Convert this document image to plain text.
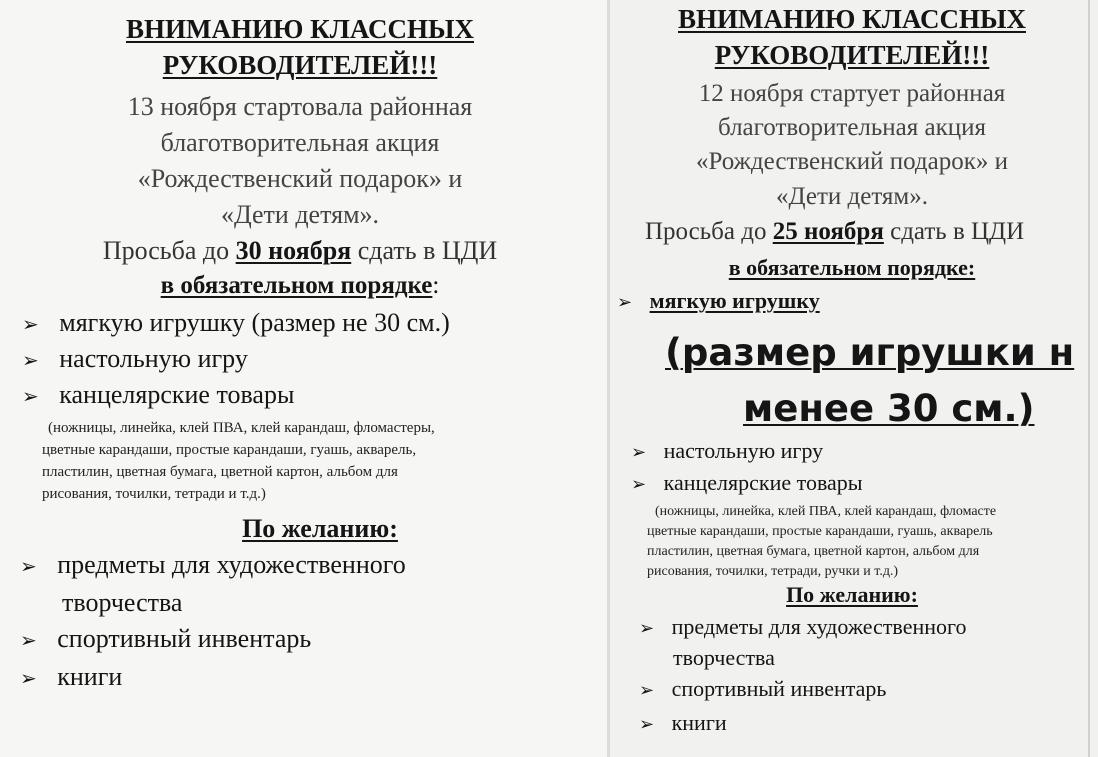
ВНИМАНИЮ КЛАССНЫХ
РУКОВОДИТЕЛЕЙ!!!
13 ноября стартовала районная
благотворительная акция
«Рождественский подарок» и
«Дети детям».
Просьба до 30 ноября сдать в ЦДИ
в обязательном порядке:
➢ мягкую игрушку (размер не 30 см.)
➢ настольную игру
➢ канцелярские товары
(ножницы, линейка, клей ПВА, клей карандаш, фломастеры,
цветные карандаши, простые карандаши, гуашь, акварель,
пластилин, цветная бумага, цветной картон, альбом для
рисования, точилки, тетради и т.д.)
По желанию:
➢ предметы для художественного
творчества
➢ спортивный инвентарь
➢ книги
ВНИМАНИЮ КЛАССНЫХ
РУКОВОДИТЕЛЕЙ!!!
12 ноября стартует районная
благотворительная акция
«Рождественский подарок» и
«Дети детям».
Просьба до 25 ноября сдать в ЦДИ
в обязательном порядке:
➢ мягкую игрушку
(размер игрушки н
менее 30 см.)
➢ настольную игру
➢ канцелярские товары
(ножницы, линейка, клей ПВА, клей карандаш, фломасте
цветные карандаши, простые карандаши, гуашь, акварель
пластилин, цветная бумага, цветной картон, альбом для
рисования, точилки, тетради, ручки и т.д.)
По желанию:
➢ предметы для художественного
творчества
➢ спортивный инвентарь
➢ книги
